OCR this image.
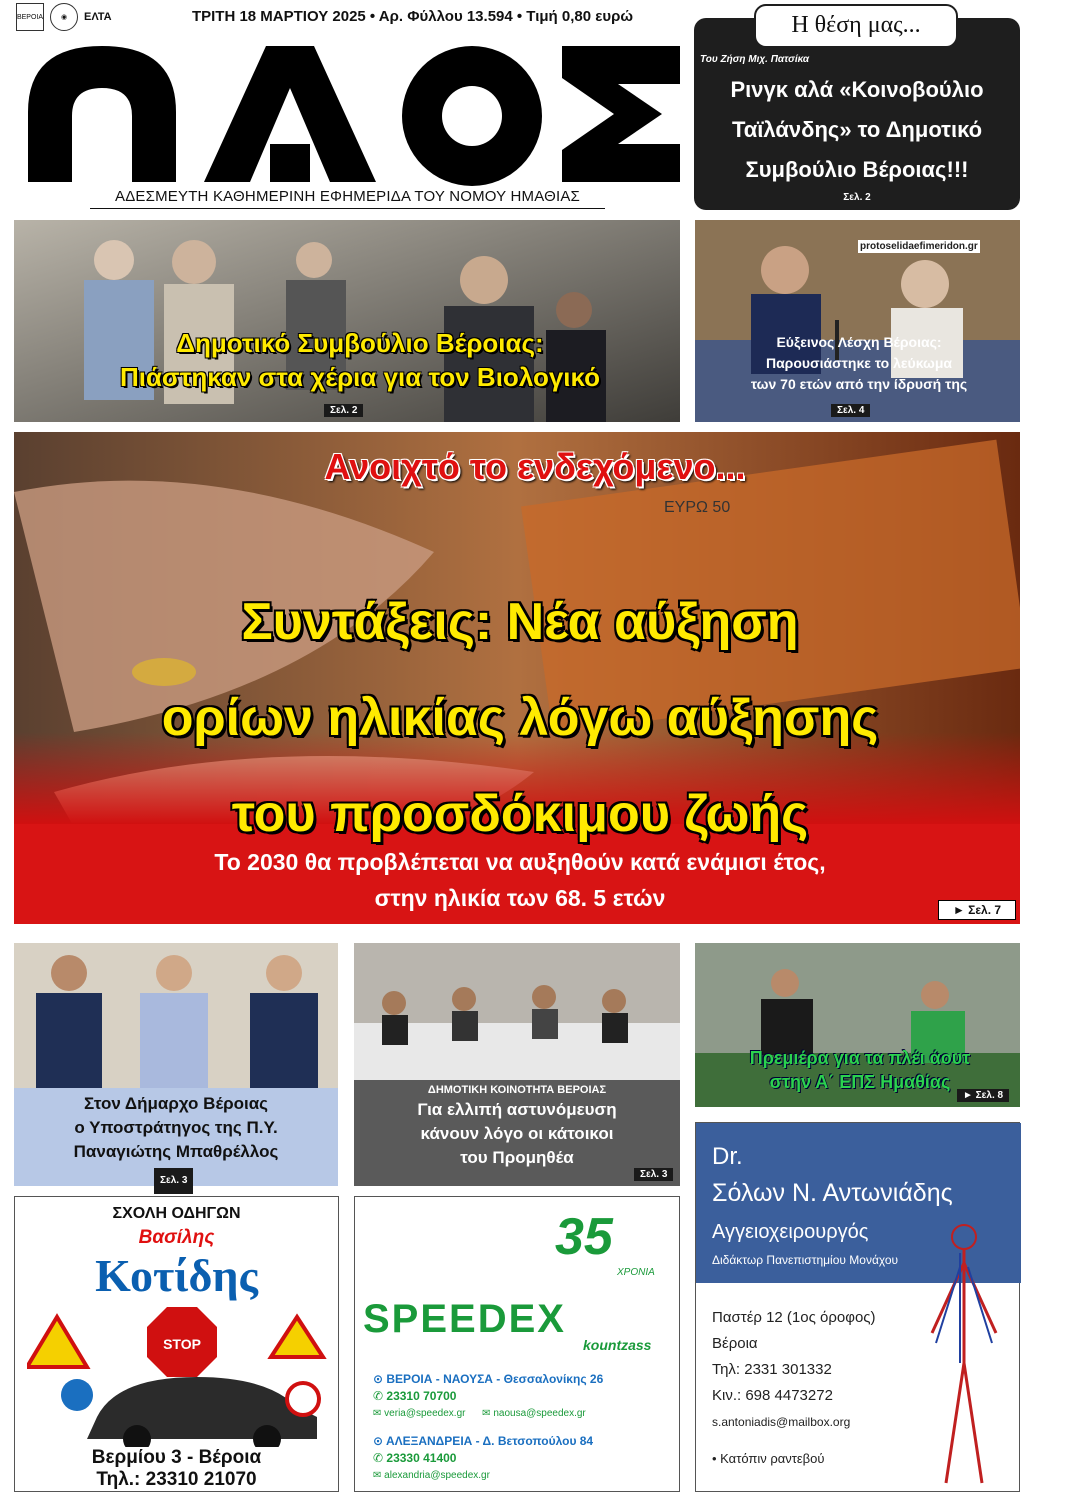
ΒΕΡΟΙΑ	◉	ΕΛΤΑ	ΤΡΙΤΗ 18 ΜΑΡΤΙΟΥ 2025 • Αρ. Φύλλου 13.594 • Τιμή 0,80 ευρώ
ΑΔΕΣΜΕΥΤΗ ΚΑΘΗΜΕΡΙΝΗ ΕΦΗΜΕΡΙΔΑ ΤΟΥ ΝΟΜΟΥ ΗΜΑΘΙΑΣ
Η θέση μας...
Του Ζήση Μιχ. Πατσίκα
Ρινγκ αλά «Κοινοβούλιο Ταϊλάνδης» το Δημοτικό Συμβούλιο Βέροιας!!!
Σελ. 2
Σελ. 2
Δημοτικό Συμβούλιο Βέροιας:
Πιάστηκαν στα χέρια για τον Βιολογικό
Σελ. 4
protoselidaefimeridon.gr
Εύξεινος Λέσχη Βέροιας:
Παρουσιάστηκε το λεύκωμα
των 70 ετών από την ίδρυσή της
ΕΥΡΩ 50
Ανοιχτό το ενδεχόμενο...
Συντάξεις: Νέα αύξηση
ορίων ηλικίας λόγω αύξησης
του προσδόκιμου ζωής
Το 2030 θα προβλέπεται να αυξηθούν κατά ενάμισι έτος,
στην ηλικία των 68. 5 ετών	► Σελ. 7
Στον Δήμαρχο Βέροιας
ο Υποστράτηγος της Π.Υ.
Παναγιώτης Μπαθρέλλος
Σελ. 3
ΔΗΜΟΤΙΚΗ ΚΟΙΝΟΤΗΤΑ ΒΕΡΟΙΑΣ
Για ελλιπή αστυνόμευση
κάνουν λόγο οι κάτοικοι
του Προμηθέα
Σελ. 3
► Σελ. 8
Πρεμιέρα για τα πλέι άουτ
στην Α΄ ΕΠΣ Ημαθίας
ΣΧΟΛΗ ΟΔΗΓΩΝ
Βασίλης
Κοτίδης
STOP
Βερμίου 3 - Βέροια
Τηλ.: 23310 21070
35
ΧΡΟΝΙΑ
SPEEDEX
kountzass
⊙ ΒΕΡΟΙΑ - ΝΑΟΥΣΑ - Θεσσαλονίκης 26
✆ 23310 70700
✉ veria@speedex.gr ✉ naousa@speedex.gr
⊙ ΑΛΕΞΑΝΔΡΕΙΑ - Δ. Βετσοπούλου 84
✆ 23330 41400
✉ alexandria@speedex.gr
Dr.
Σόλων Ν. Αντωνιάδης
Αγγειοχειρουργός
Διδάκτωρ Πανεπιστημίου Μονάχου
Παστέρ 12 (1ος όροφος)
Βέροια
Τηλ: 2331 301332
Κιν.: 698 4473272
s.antoniadis@mailbox.org
• Κατόπιν ραντεβού
